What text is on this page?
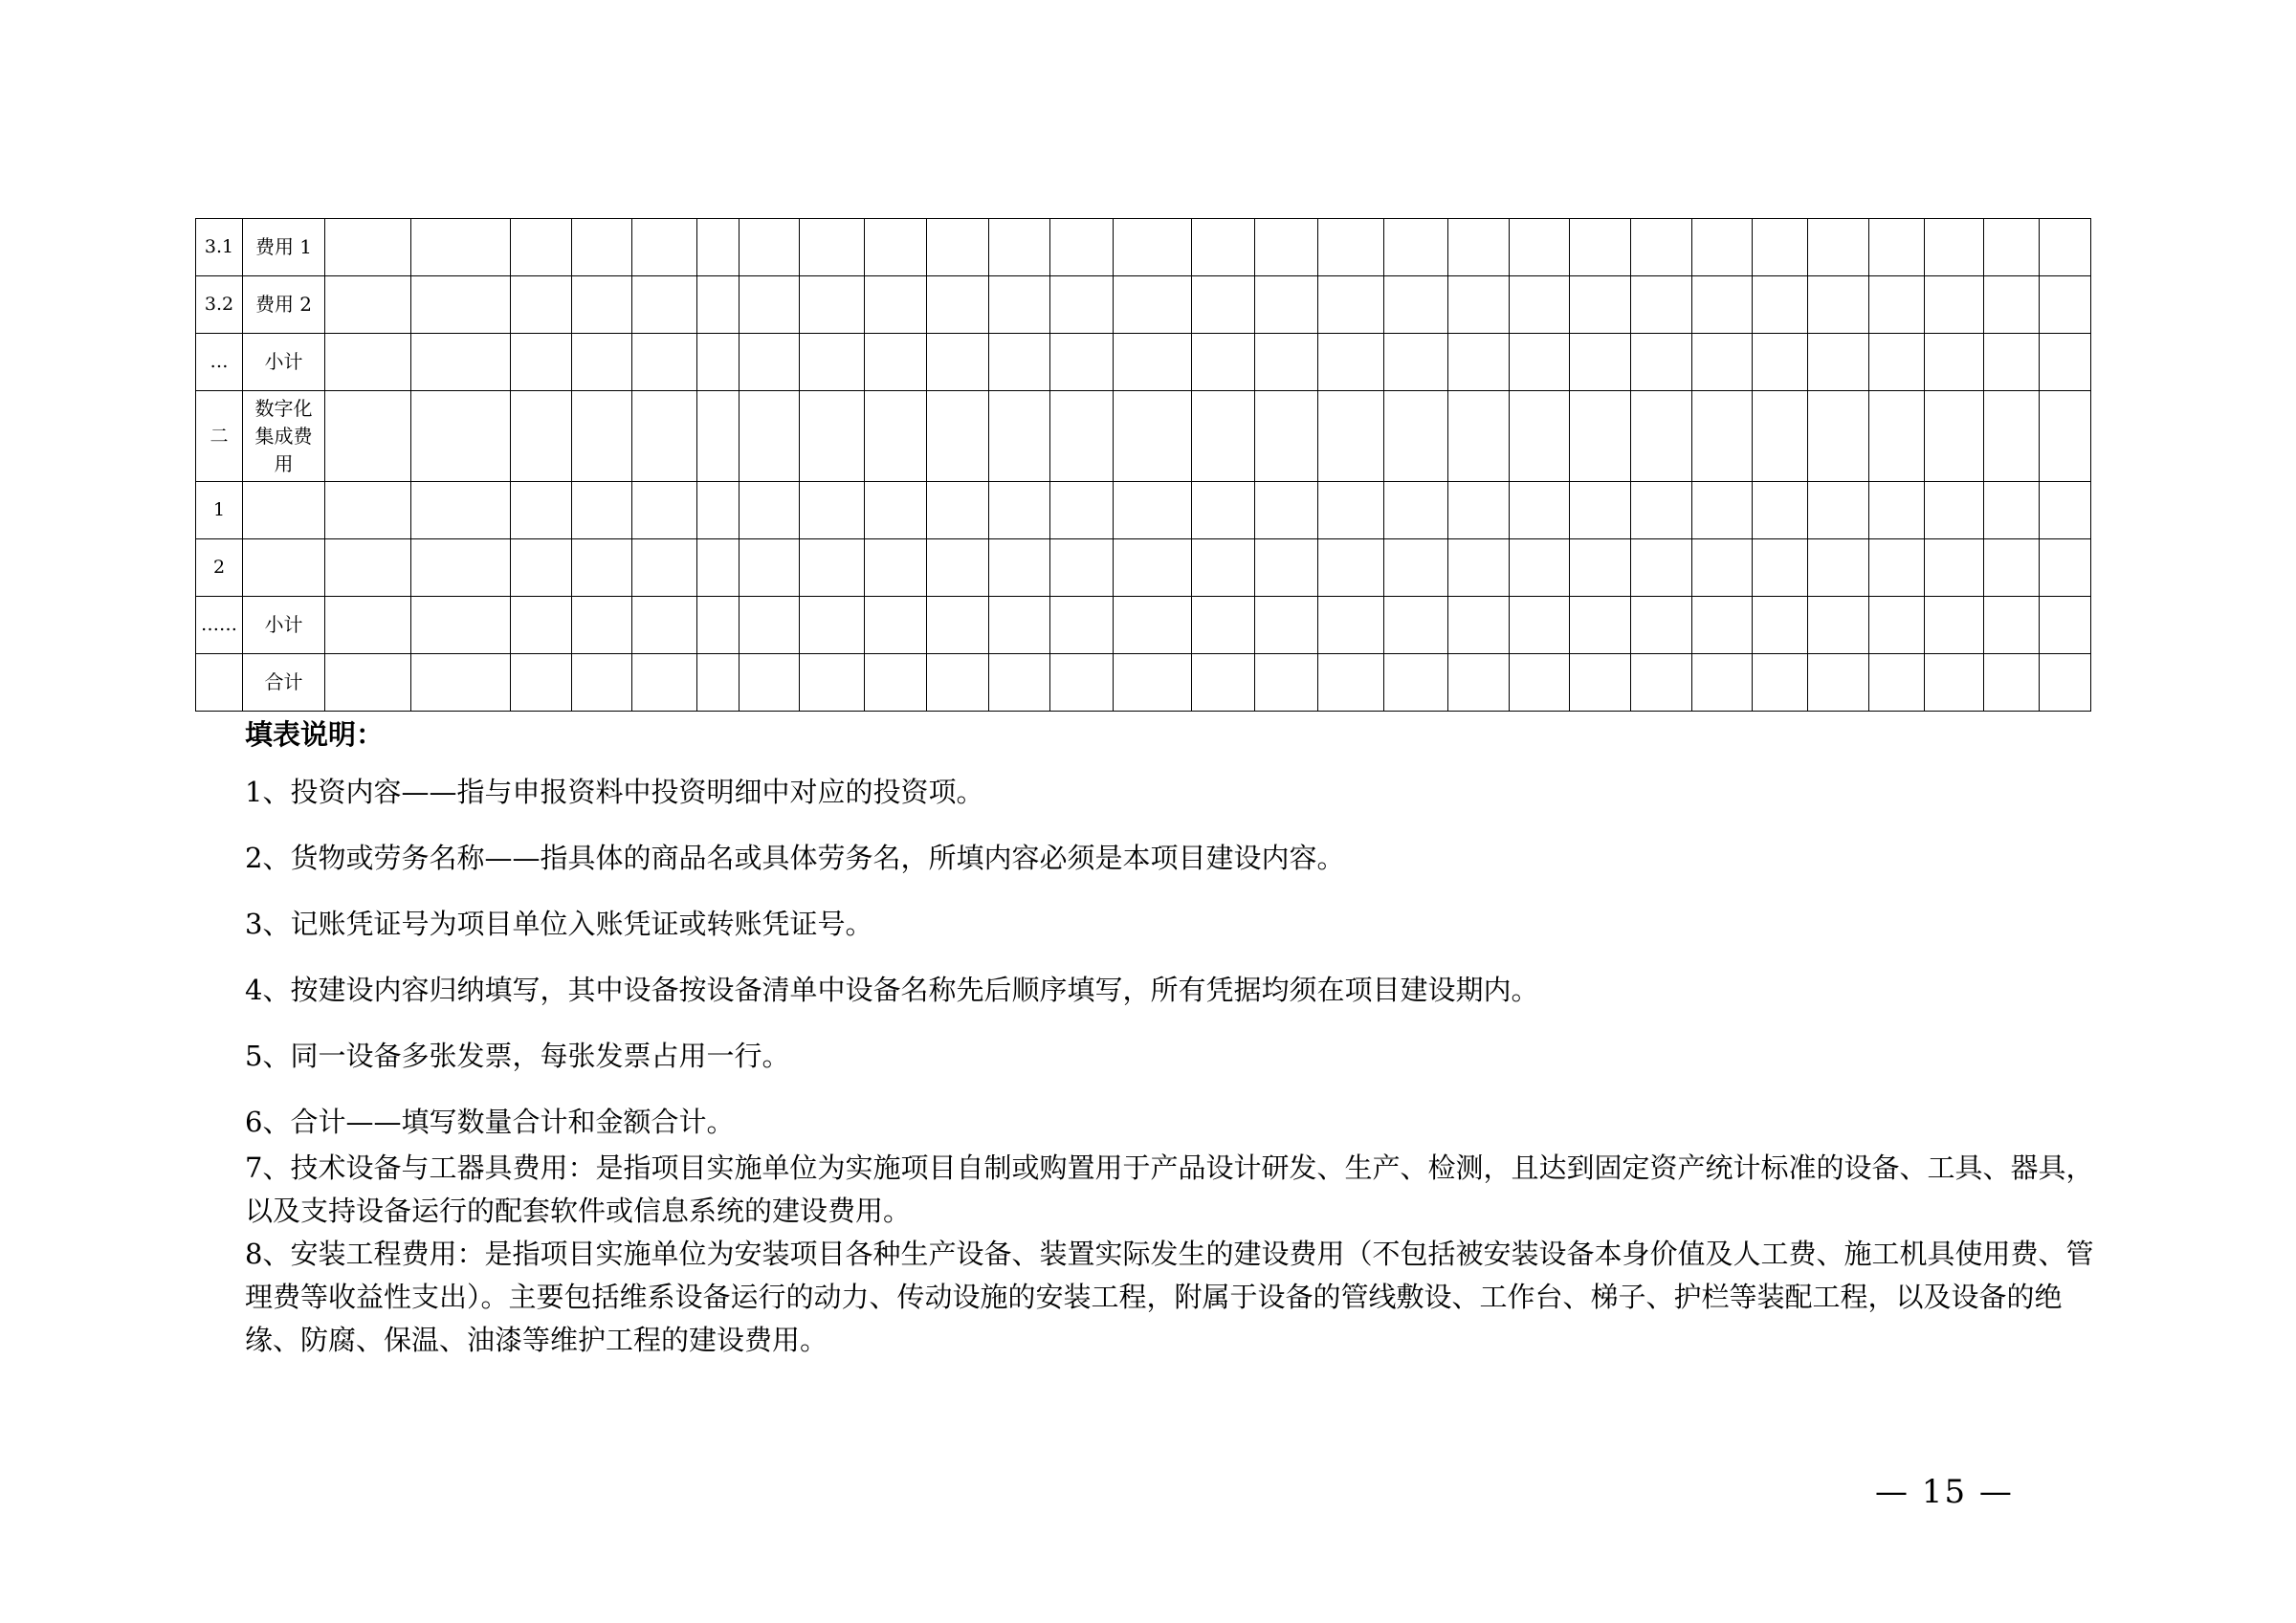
3.1	费用 1																												
3.2	费用 2																												
…	小计																												
二	数字化集成费用																												
1																													
2																													
……	小计																												
	合计																												
填表说明：
1、投资内容——指与申报资料中投资明细中对应的投资项。
2、货物或劳务名称——指具体的商品名或具体劳务名，所填内容必须是本项目建设内容。
3、记账凭证号为项目单位入账凭证或转账凭证号。
4、按建设内容归纳填写，其中设备按设备清单中设备名称先后顺序填写，所有凭据均须在项目建设期内。
5、同一设备多张发票，每张发票占用一行。
6、合计——填写数量合计和金额合计。
7、技术设备与工器具费用：是指项目实施单位为实施项目自制或购置用于产品设计研发、生产、检测，且达到固定资产统计标准的设备、工具、器具，以及支持设备运行的配套软件或信息系统的建设费用。
8、安装工程费用：是指项目实施单位为安装项目各种生产设备、装置实际发生的建设费用（不包括被安装设备本身价值及人工费、施工机具使用费、管理费等收益性支出）。主要包括维系设备运行的动力、传动设施的安装工程，附属于设备的管线敷设、工作台、梯子、护栏等装配工程，以及设备的绝缘、防腐、保温、油漆等维护工程的建设费用。
— 15 —
